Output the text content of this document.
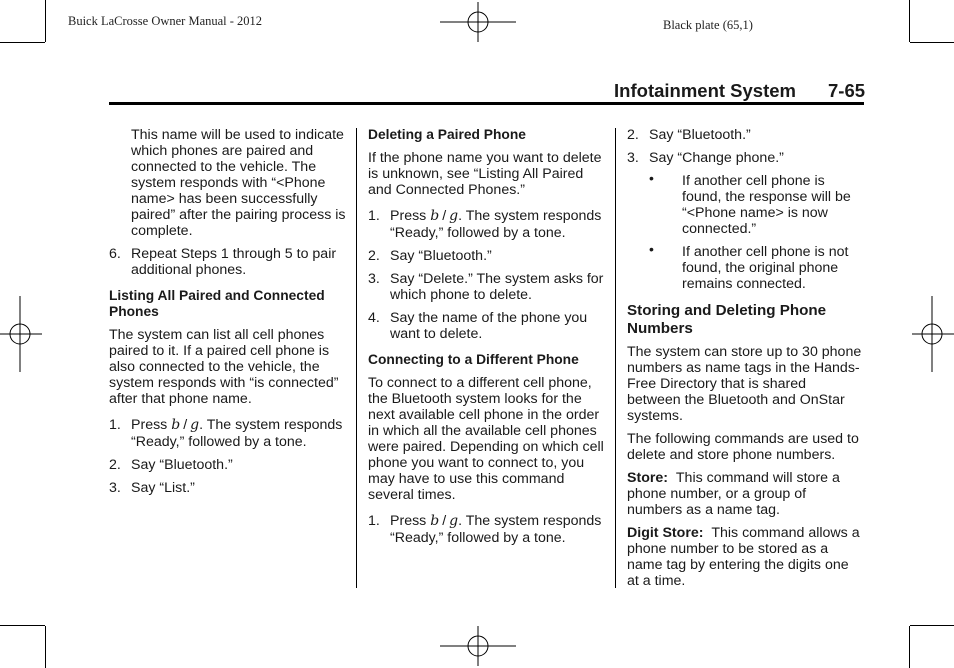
Buick LaCrosse Owner Manual - 2012	Black plate (65,1)
Infotainment System 7-65

This name will be used to indicate which phones are paired and connected to the vehicle. The system responds with “<Phone name> has been successfully paired” after the pairing process is complete.

6. Repeat Steps 1 through 5 to pair additional phones.
Listing All Paired and Connected Phones

The system can list all cell phones paired to it. If a paired cell phone is also connected to the vehicle, the system responds with “is connected” after that phone name.

1. Press b / g. The system responds “Ready,” followed by a tone.
2. Say “Bluetooth.”
3. Say “List.”
Deleting a Paired Phone

If the phone name you want to delete is unknown, see “Listing All Paired and Connected Phones.”

1. Press b / g. The system responds “Ready,” followed by a tone.
2. Say “Bluetooth.”
3. Say “Delete.” The system asks for which phone to delete.
4. Say the name of the phone you want to delete.
Connecting to a Different Phone

To connect to a different cell phone, the Bluetooth system looks for the next available cell phone in the order in which all the available cell phones were paired. Depending on which cell phone you want to connect to, you may have to use this command several times.

1. Press b / g. The system responds “Ready,” followed by a tone.
2. Say “Bluetooth.”
3. Say “Change phone.”
• If another cell phone is found, the response will be “<Phone name> is now connected.”
• If another cell phone is not found, the original phone remains connected.
Storing and Deleting Phone Numbers

The system can store up to 30 phone numbers as name tags in the Hands-Free Directory that is shared between the Bluetooth and OnStar systems.

The following commands are used to delete and store phone numbers.

Store: This command will store a phone number, or a group of numbers as a name tag.

Digit Store: This command allows a phone number to be stored as a name tag by entering the digits one at a time.
